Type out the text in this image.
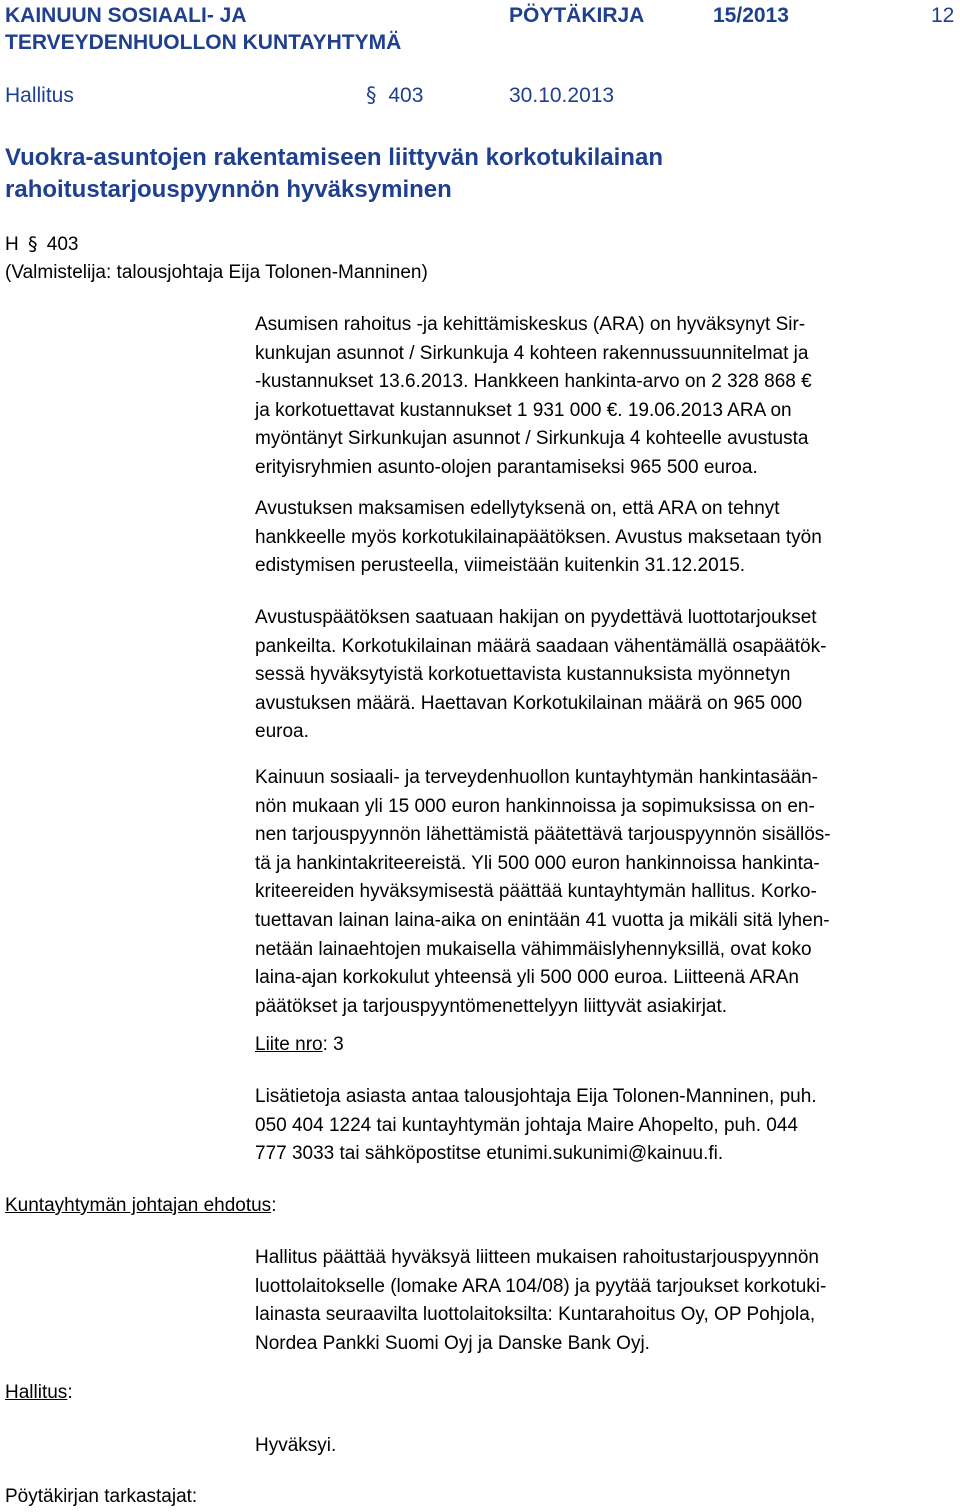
KAINUUN SOSIAALI- JA
TERVEYDENHUOLLON KUNTAYHTYMÄ
PÖYTÄKIRJA	15/2013	12
Hallitus	§ 403	30.10.2013
Vuokra-asuntojen rakentamiseen liittyvän korkotukilainan
rahoitustarjouspyynnön hyväksyminen
H § 403
(Valmistelija: talousjohtaja Eija Tolonen-Manninen)
Asumisen rahoitus -ja kehittämiskeskus (ARA) on hyväksynyt Sir-
kunkujan asunnot / Sirkunkuja 4 kohteen rakennussuunnitelmat ja
-kustannukset 13.6.2013. Hankkeen hankinta-arvo on 2 328 868 €
ja korkotuettavat kustannukset 1 931 000 €. 19.06.2013 ARA on
myöntänyt Sirkunkujan asunnot / Sirkunkuja 4 kohteelle avustusta
erityisryhmien asunto-olojen parantamiseksi 965 500 euroa.
Avustuksen maksamisen edellytyksenä on, että ARA on tehnyt
hankkeelle myös korkotukilainapäätöksen. Avustus maksetaan työn
edistymisen perusteella, viimeistään kuitenkin 31.12.2015.
Avustuspäätöksen saatuaan hakijan on pyydettävä luottotarjoukset
pankeilta. Korkotukilainan määrä saadaan vähentämällä osapäätök-
sessä hyväksytyistä korkotuettavista kustannuksista myönnetyn
avustuksen määrä. Haettavan Korkotukilainan määrä on 965 000
euroa.
Kainuun sosiaali- ja terveydenhuollon kuntayhtymän hankintasään-
nön mukaan yli 15 000 euron hankinnoissa ja sopimuksissa on en-
nen tarjouspyynnön lähettämistä päätettävä tarjouspyynnön sisällös-
tä ja hankintakriteereistä. Yli 500 000 euron hankinnoissa hankinta-
kriteereiden hyväksymisestä päättää kuntayhtymän hallitus. Korko-
tuettavan lainan laina-aika on enintään 41 vuotta ja mikäli sitä lyhen-
netään lainaehtojen mukaisella vähimmäislyhennyksillä, ovat koko
laina-ajan korkokulut yhteensä yli 500 000 euroa. Liitteenä ARAn
päätökset ja tarjouspyyntömenettelyyn liittyvät asiakirjat.
Liite nro: 3
Lisätietoja asiasta antaa talousjohtaja Eija Tolonen-Manninen, puh.
050 404 1224 tai kuntayhtymän johtaja Maire Ahopelto, puh. 044
777 3033 tai sähköpostitse etunimi.sukunimi@kainuu.fi.
Kuntayhtymän johtajan ehdotus:
Hallitus päättää hyväksyä liitteen mukaisen rahoitustarjouspyynnön
luottolaitokselle (lomake ARA 104/08) ja pyytää tarjoukset korkotuki-
lainasta seuraavilta luottolaitoksilta: Kuntarahoitus Oy, OP Pohjola,
Nordea Pankki Suomi Oyj ja Danske Bank Oyj.
Hallitus:
Hyväksyi.
Pöytäkirjan tarkastajat:
